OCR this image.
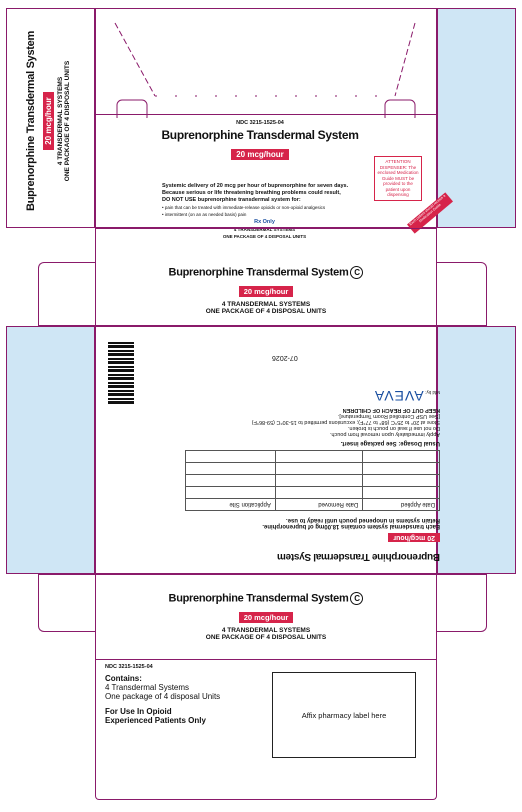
Buprenorphine Transdermal System 20 mcg/hour 4 TRANSDERMAL SYSTEMS ONE PACKAGE OF 4 DISPOSAL UNITS	NDC 3215-1525-04
Buprenorphine Transdermal System
20 mcg/hour
Systemic delivery of 20 mcg per hour of buprenorphine for seven days.
Because serious or life threatening breathing problems could result,
DO NOT USE buprenorphine transdermal system for:
• pain that can be treated with immediate-release opioids or non-opioid analgesics
• intermittent (on an as needed basis) pain
Rx Only
4 TRANSDERMAL SYSTEMS
ONE PACKAGE OF 4 DISPOSAL UNITS
ATTENTION DISPENSER: The enclosed Medication Guide MUST be provided to the patient upon dispensing Each patient should receive a Medication Guide
Buprenorphine Transdermal System C
20 mcg/hour
4 TRANSDERMAL SYSTEMS
ONE PACKAGE OF 4 DISPOSAL UNITS
Buprenorphine Transdermal System
20 mcg/hour
Each transdermal system contains 18.00mg of buprenorphine.
Retain systems in unopened pouch until ready to use.
Date Applied	Date Removed	Application Site

Usual Dosage: See package insert.
Apply immediately upon removal from pouch.
Do not use if seal on pouch is broken.
Store at 20° to 25°C (68° to 77°F); excursions permitted to 15-30°C (59-86°F)
[See USP Controlled Room Temperature].
KEEP OUT OF REACH OF CHILDREN
Mfd by: AVEVA
07-2026
Buprenorphine Transdermal System C
20 mcg/hour
4 TRANSDERMAL SYSTEMS
ONE PACKAGE OF 4 DISPOSAL UNITS
NDC 3215-1525-04
Contains:
4 Transdermal Systems
One package of 4 disposal Units
For Use In Opioid
Experienced Patients Only
Affix pharmacy label here
